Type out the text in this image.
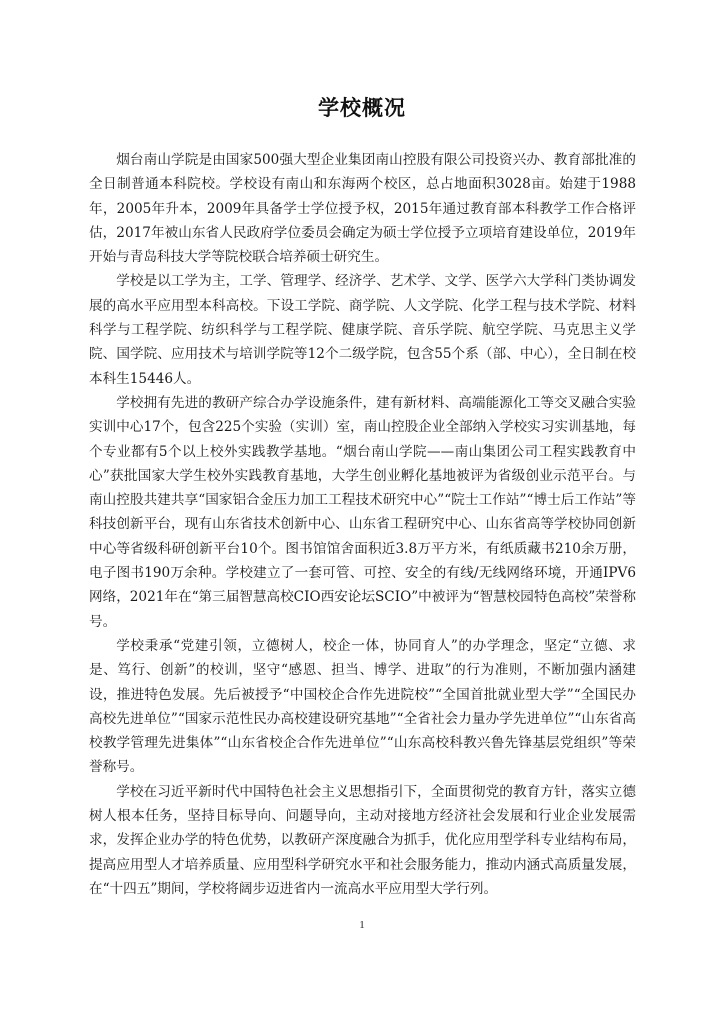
学校概况

烟台南山学院是由国家500强大型企业集团南山控股有限公司投资兴办、教育部批准的全日制普通本科院校。学校设有南山和东海两个校区，总占地面积3028亩。始建于1988年，2005年升本，2009年具备学士学位授予权，2015年通过教育部本科教学工作合格评估，2017年被山东省人民政府学位委员会确定为硕士学位授予立项培育建设单位，2019年开始与青岛科技大学等院校联合培养硕士研究生。

学校是以工学为主，工学、管理学、经济学、艺术学、文学、医学六大学科门类协调发展的高水平应用型本科高校。下设工学院、商学院、人文学院、化学工程与技术学院、材料科学与工程学院、纺织科学与工程学院、健康学院、音乐学院、航空学院、马克思主义学院、国学院、应用技术与培训学院等12个二级学院，包含55个系（部、中心），全日制在校本科生15446人。

学校拥有先进的教研产综合办学设施条件，建有新材料、高端能源化工等交叉融合实验实训中心17个，包含225个实验（实训）室，南山控股企业全部纳入学校实习实训基地，每个专业都有5个以上校外实践教学基地。“烟台南山学院——南山集团公司工程实践教育中心”获批国家大学生校外实践教育基地，大学生创业孵化基地被评为省级创业示范平台。与南山控股共建共享“国家铝合金压力加工工程技术研究中心”“院士工作站”“博士后工作站”等科技创新平台，现有山东省技术创新中心、山东省工程研究中心、山东省高等学校协同创新中心等省级科研创新平台10个。图书馆馆舍面积近3.8万平方米，有纸质藏书210余万册，电子图书190万余种。学校建立了一套可管、可控、安全的有线/无线网络环境，开通IPV6网络，2021年在“第三届智慧高校CIO西安论坛SCIO”中被评为“智慧校园特色高校”荣誉称号。

学校秉承“党建引领，立德树人，校企一体，协同育人”的办学理念，坚定“立德、求是、笃行、创新”的校训，坚守“感恩、担当、博学、进取”的行为准则，不断加强内涵建设，推进特色发展。先后被授予“中国校企合作先进院校”“全国首批就业型大学”“全国民办高校先进单位”“国家示范性民办高校建设研究基地”“全省社会力量办学先进单位”“山东省高校教学管理先进集体”“山东省校企合作先进单位”“山东高校科教兴鲁先锋基层党组织”等荣誉称号。

学校在习近平新时代中国特色社会主义思想指引下，全面贯彻党的教育方针，落实立德树人根本任务，坚持目标导向、问题导向，主动对接地方经济社会发展和行业企业发展需求，发挥企业办学的特色优势，以教研产深度融合为抓手，优化应用型学科专业结构布局，提高应用型人才培养质量、应用型科学研究水平和社会服务能力，推动内涵式高质量发展，在“十四五”期间，学校将阔步迈进省内一流高水平应用型大学行列。

1
